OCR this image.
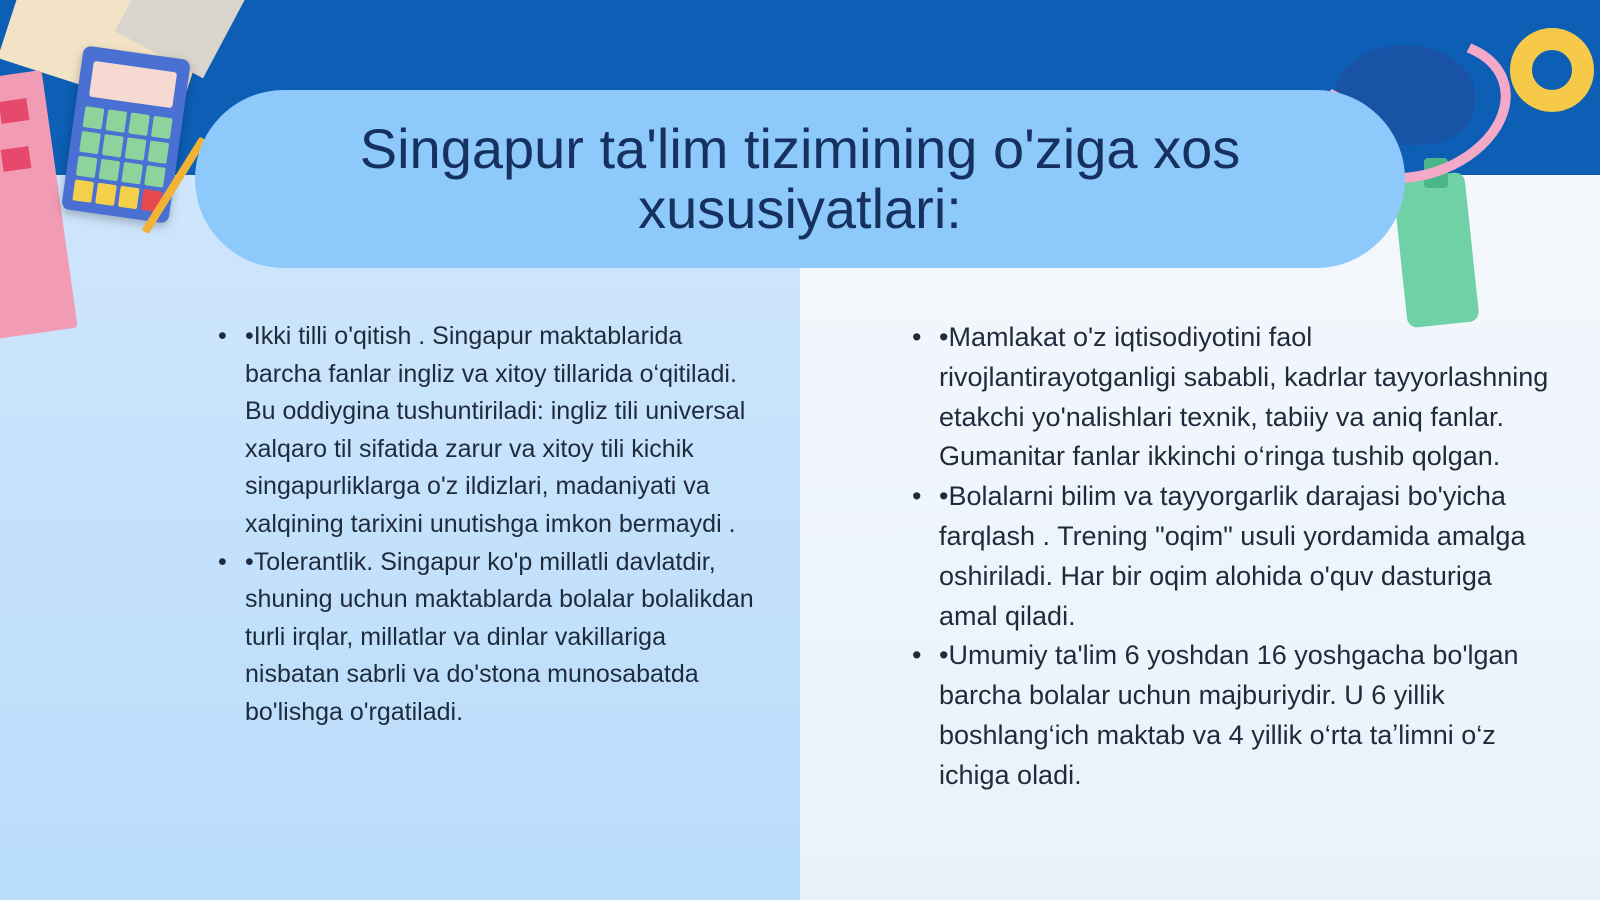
Singapur ta'lim tizimining o'ziga xos xususiyatlari:
• •Ikki tilli o'qitish . Singapur maktablarida barcha fanlar ingliz va xitoy tillarida o‘qitiladi. Bu oddiygina tushuntiriladi: ingliz tili universal xalqaro til sifatida zarur va xitoy tili kichik singapurliklarga o'z ildizlari, madaniyati va xalqining tarixini unutishga imkon bermaydi .
• •Tolerantlik. Singapur ko'p millatli davlatdir, shuning uchun maktablarda bolalar bolalikdan turli irqlar, millatlar va dinlar vakillariga nisbatan sabrli va do'stona munosabatda bo'lishga o'rgatiladi.
• •Mamlakat o'z iqtisodiyotini faol rivojlantirayotganligi sababli, kadrlar tayyorlashning etakchi yo'nalishlari texnik, tabiiy va aniq fanlar. Gumanitar fanlar ikkinchi o‘ringa tushib qolgan.
• •Bolalarni bilim va tayyorgarlik darajasi bo'yicha farqlash . Trening "oqim" usuli yordamida amalga oshiriladi. Har bir oqim alohida o'quv dasturiga amal qiladi.
• •Umumiy ta'lim 6 yoshdan 16 yoshgacha bo'lgan barcha bolalar uchun majburiydir. U 6 yillik boshlang‘ich maktab va 4 yillik o‘rta taʼlimni o‘z ichiga oladi.
